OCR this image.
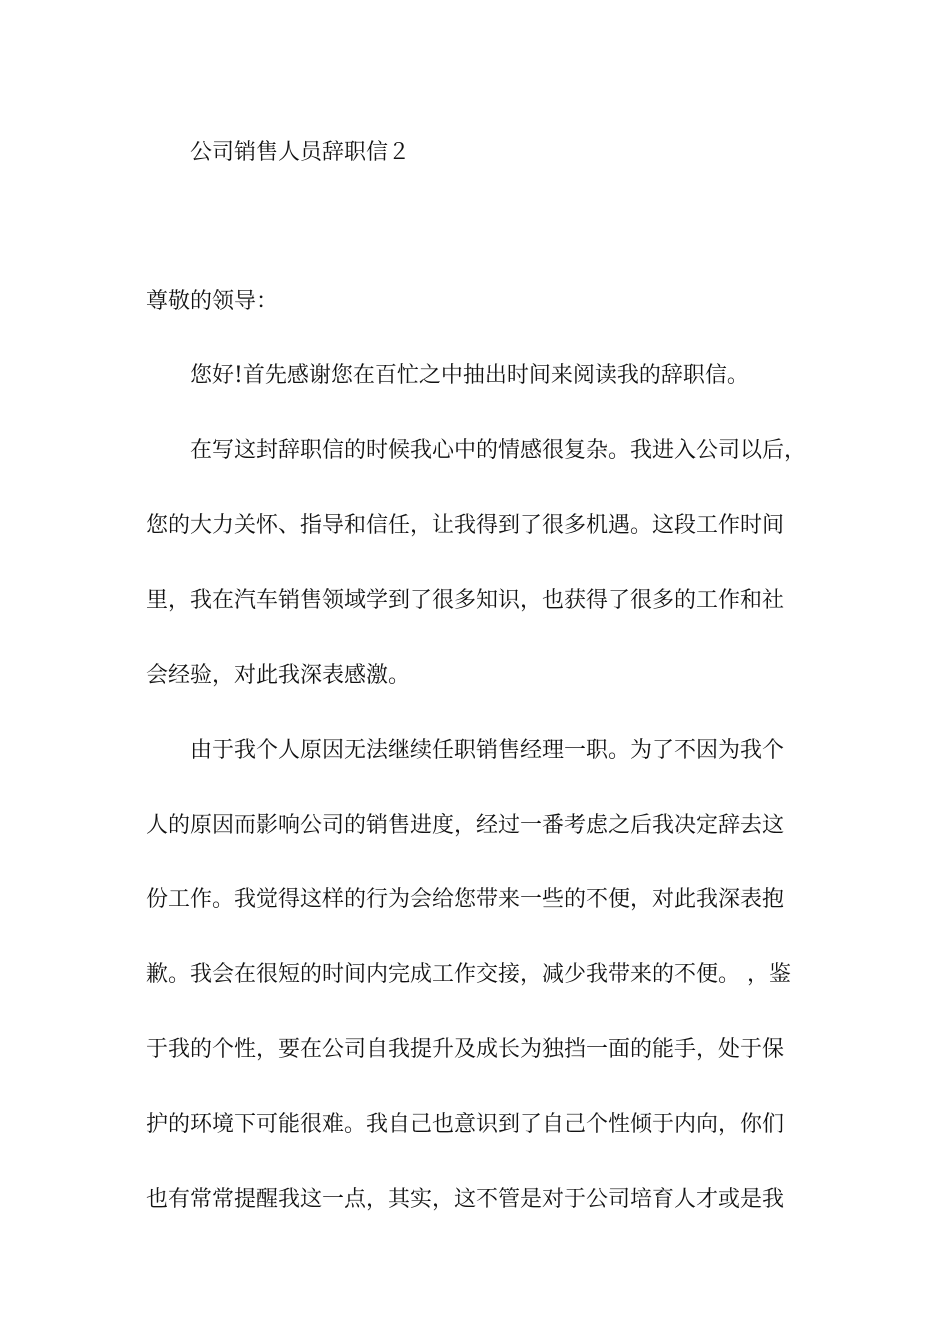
公司销售人员辞职信２
尊敬的领导：
您好!首先感谢您在百忙之中抽出时间来阅读我的辞职信。
在写这封辞职信的时候我心中的情感很复杂。我进入公司以后，
您的大力关怀、指导和信任，让我得到了很多机遇。这段工作时间
里，我在汽车销售领域学到了很多知识，也获得了很多的工作和社
会经验，对此我深表感激。
由于我个人原因无法继续任职销售经理一职。为了不因为我个
人的原因而影响公司的销售进度，经过一番考虑之后我决定辞去这
份工作。我觉得这样的行为会给您带来一些的不便，对此我深表抱
歉。我会在很短的时间内完成工作交接，减少我带来的不便。 ，鉴
于我的个性，要在公司自我提升及成长为独挡一面的能手，处于保
护的环境下可能很难。我自己也意识到了自己个性倾于内向，你们
也有常常提醒我这一点，其实，这不管是对于公司培育人才或是我
